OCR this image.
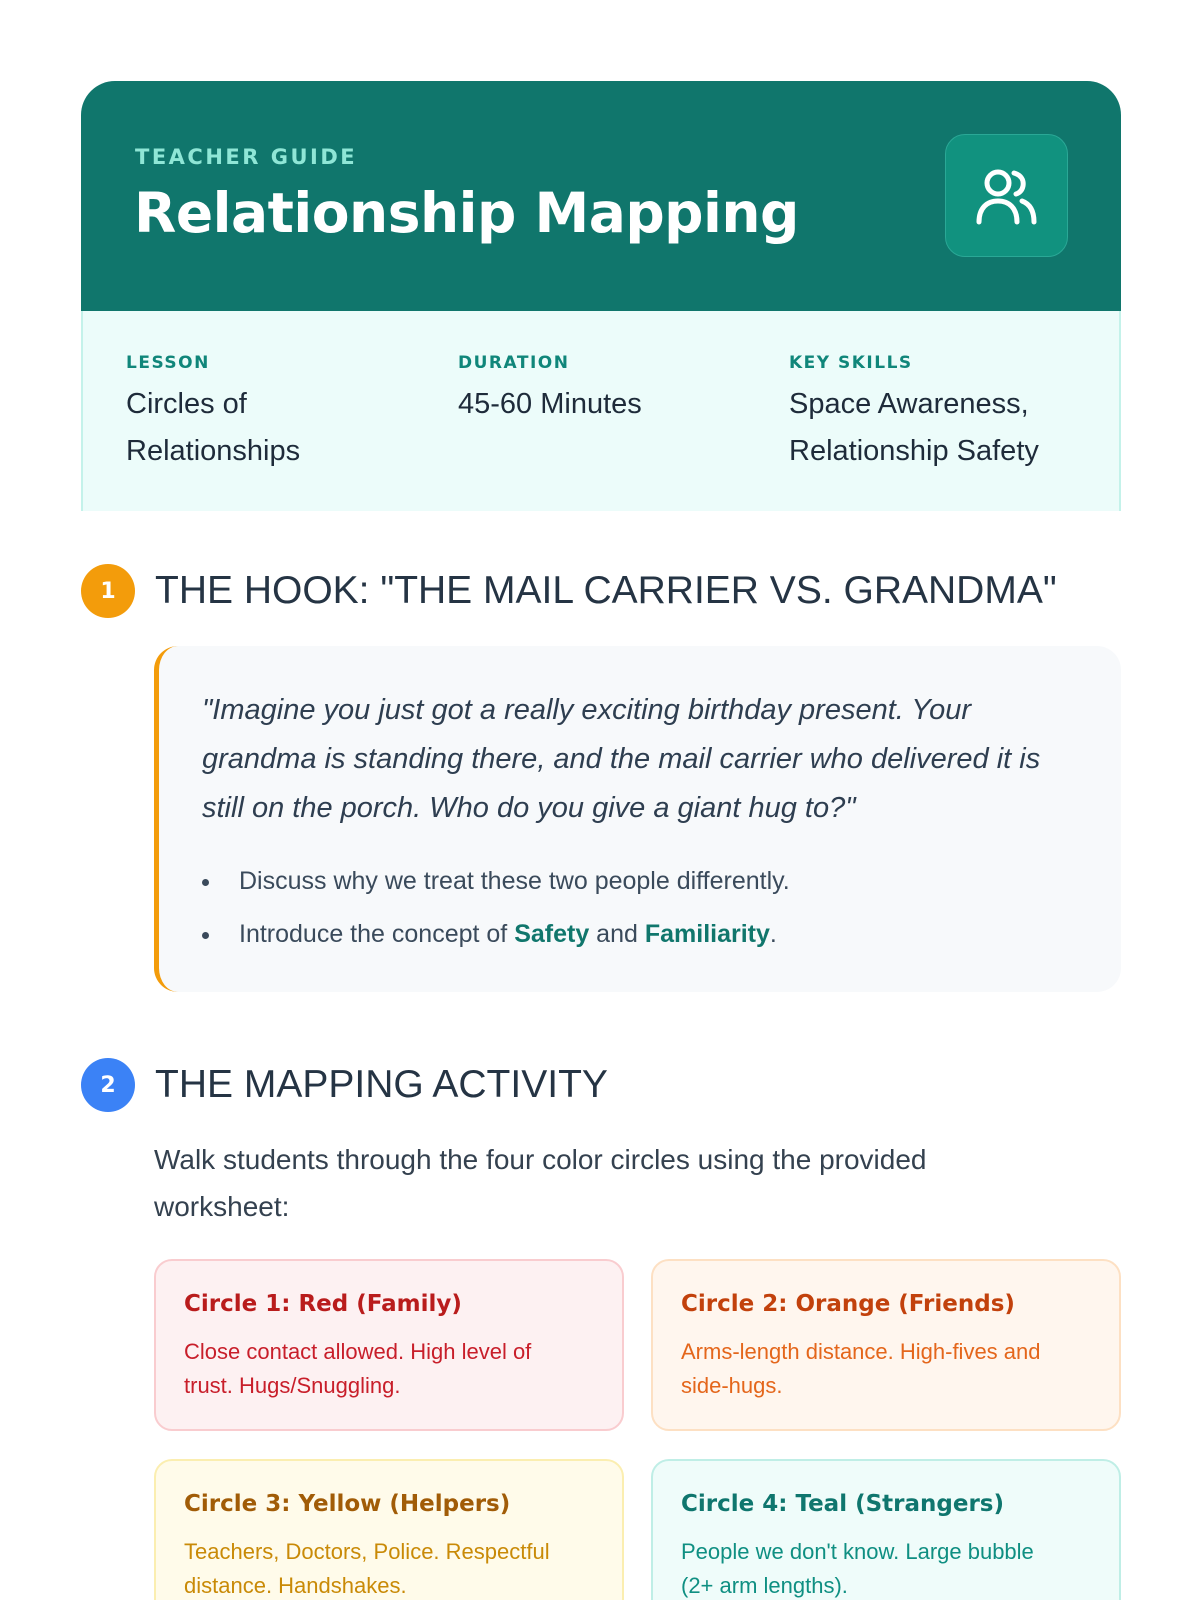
TEACHER GUIDE
Relationship Mapping
LESSON
Circles of
Relationships
DURATION
45-60 Minutes
KEY SKILLS
Space Awareness,
Relationship Safety
1	THE HOOK: "THE MAIL CARRIER VS. GRANDMA"
"Imagine you just got a really exciting birthday present. Your
grandma is standing there, and the mail carrier who delivered it is
still on the porch. Who do you give a giant hug to?"
Discuss why we treat these two people differently.
Introduce the concept of Safety and Familiarity.
2	THE MAPPING ACTIVITY
Walk students through the four color circles using the provided
worksheet:
Circle 1: Red (Family)
Close contact allowed. High level of
trust. Hugs/Snuggling.
Circle 2: Orange (Friends)
Arms-length distance. High-fives and
side-hugs.
Circle 3: Yellow (Helpers)
Teachers, Doctors, Police. Respectful
distance. Handshakes.
Circle 4: Teal (Strangers)
People we don't know. Large bubble
(2+ arm lengths).
